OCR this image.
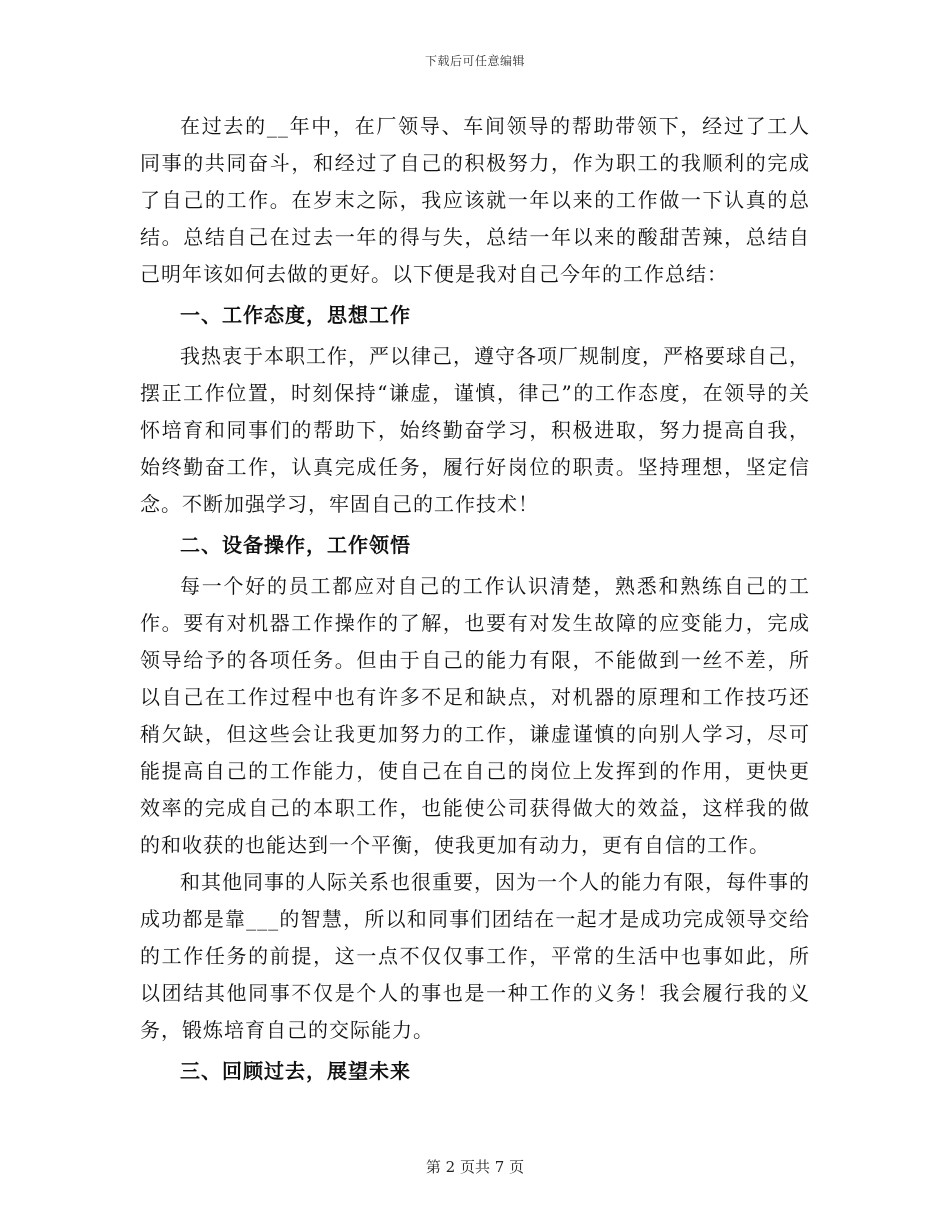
下载后可任意编辑

在过去的__年中，在厂领导、车间领导的帮助带领下，经过了工人同事的共同奋斗，和经过了自己的积极努力，作为职工的我顺利的完成了自己的工作。在岁末之际，我应该就一年以来的工作做一下认真的总结。总结自己在过去一年的得与失，总结一年以来的酸甜苦辣，总结自己明年该如何去做的更好。以下便是我对自己今年的工作总结：

一、工作态度，思想工作

我热衷于本职工作，严以律己，遵守各项厂规制度，严格要球自己，摆正工作位置，时刻保持“谦虚，谨慎，律己”的工作态度，在领导的关怀培育和同事们的帮助下，始终勤奋学习，积极进取，努力提高自我，始终勤奋工作，认真完成任务，履行好岗位的职责。坚持理想，坚定信念。不断加强学习，牢固自己的工作技术！

二、设备操作，工作领悟

每一个好的员工都应对自己的工作认识清楚，熟悉和熟练自己的工作。要有对机器工作操作的了解，也要有对发生故障的应变能力，完成领导给予的各项任务。但由于自己的能力有限，不能做到一丝不差，所以自己在工作过程中也有许多不足和缺点，对机器的原理和工作技巧还稍欠缺，但这些会让我更加努力的工作，谦虚谨慎的向别人学习，尽可能提高自己的工作能力，使自己在自己的岗位上发挥到的作用，更快更效率的完成自己的本职工作，也能使公司获得做大的效益，这样我的做的和收获的也能达到一个平衡，使我更加有动力，更有自信的工作。

和其他同事的人际关系也很重要，因为一个人的能力有限，每件事的成功都是靠___的智慧，所以和同事们团结在一起才是成功完成领导交给的工作任务的前提，这一点不仅仅事工作，平常的生活中也事如此，所以团结其他同事不仅是个人的事也是一种工作的义务！我会履行我的义务，锻炼培育自己的交际能力。

三、回顾过去，展望未来

第 2 页共 7 页
